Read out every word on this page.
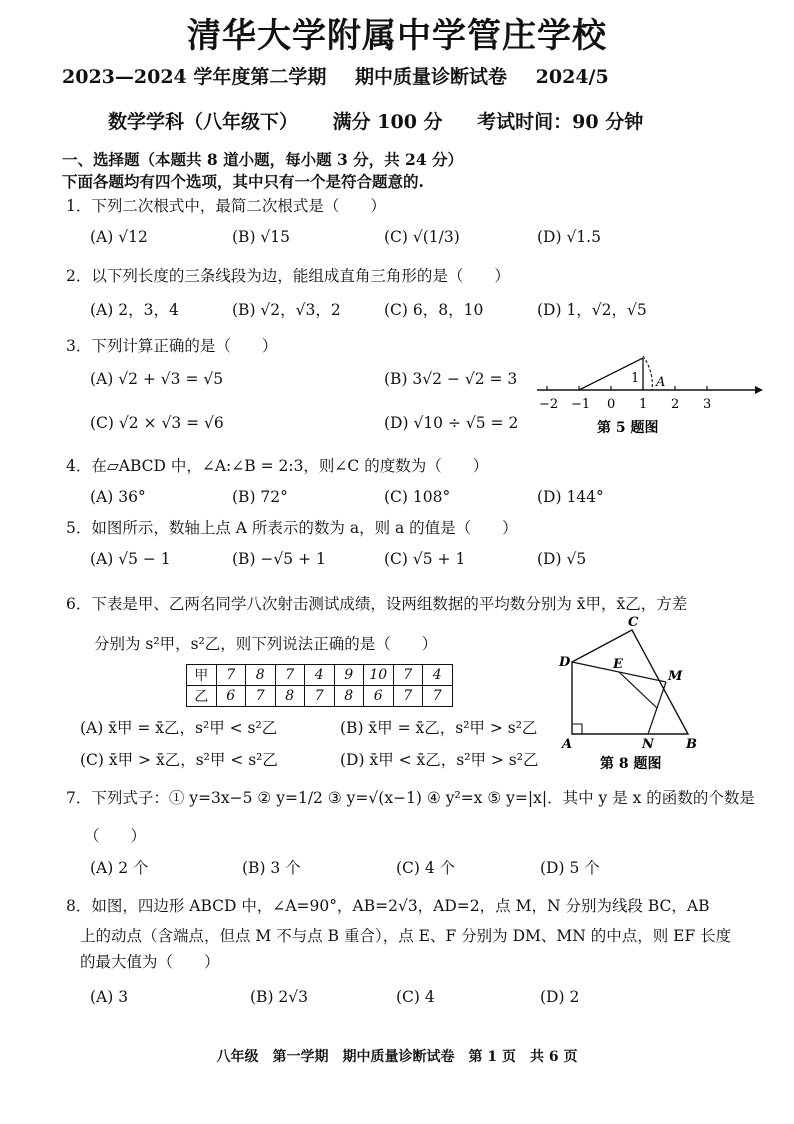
清华大学附属中学管庄学校
2023—2024 学年度第二学期 期中质量诊断试卷 2024/5
数学学科（八年级下） 满分 100 分 考试时间：90 分钟
一、选择题（本题共 8 道小题，每小题 3 分，共 24 分）
下面各题均有四个选项，其中只有一个是符合题意的.
1．下列二次根式中，最简二次根式是（　　）
(A) √12	(B) √15	(C) √(1/3)	(D) √1.5
2．以下列长度的三条线段为边，能组成直角三角形的是（　　）
(A) 2，3，4	(B) √2，√3，2	(C) 6，8，10	(D) 1，√2，√5
3．下列计算正确的是（　　）
(A) √2 + √3 = √5	(B) 3√2 − √2 = 3
(C) √2 × √3 = √6	(D) √10 ÷ √5 = 2
1 A
−2 −1 0 1 2 3
第 5 题图
4．在▱ABCD 中，∠A:∠B = 2:3，则∠C 的度数为（　　）
(A) 36°	(B) 72°	(C) 108°	(D) 144°
5．如图所示，数轴上点 A 所表示的数为 a，则 a 的值是（　　）
(A) √5 − 1	(B) −√5 + 1	(C) √5 + 1	(D) √5
6．下表是甲、乙两名同学八次射击测试成绩，设两组数据的平均数分别为 x̄甲，x̄乙，方差
分别为 s²甲，s²乙，则下列说法正确的是（　　）
甲	7	8	7	4	9	10	7	4
乙	6	7	8	7	8	6	7	7
(A) x̄甲 = x̄乙，s²甲 < s²乙	(B) x̄甲 = x̄乙，s²甲 > s²乙
(C) x̄甲 > x̄乙，s²甲 < s²乙	(D) x̄甲 < x̄乙，s²甲 > s²乙
D
C
E
M
A	N B
第 8 题图
7．下列式子：① y=3x−5 ② y=1/2 ③ y=√(x−1) ④ y²=x ⑤ y=|x|．其中 y 是 x 的函数的个数是
（　　）
(A) 2 个	(B) 3 个	(C) 4 个	(D) 5 个
8．如图，四边形 ABCD 中，∠A=90°，AB=2√3，AD=2，点 M，N 分别为线段 BC，AB
上的动点（含端点，但点 M 不与点 B 重合），点 E、F 分别为 DM、MN 的中点，则 EF 长度
的最大值为（　　）
(A) 3	(B) 2√3	(C) 4	(D) 2
八年级　第一学期　期中质量诊断试卷　第 1 页　共 6 页
